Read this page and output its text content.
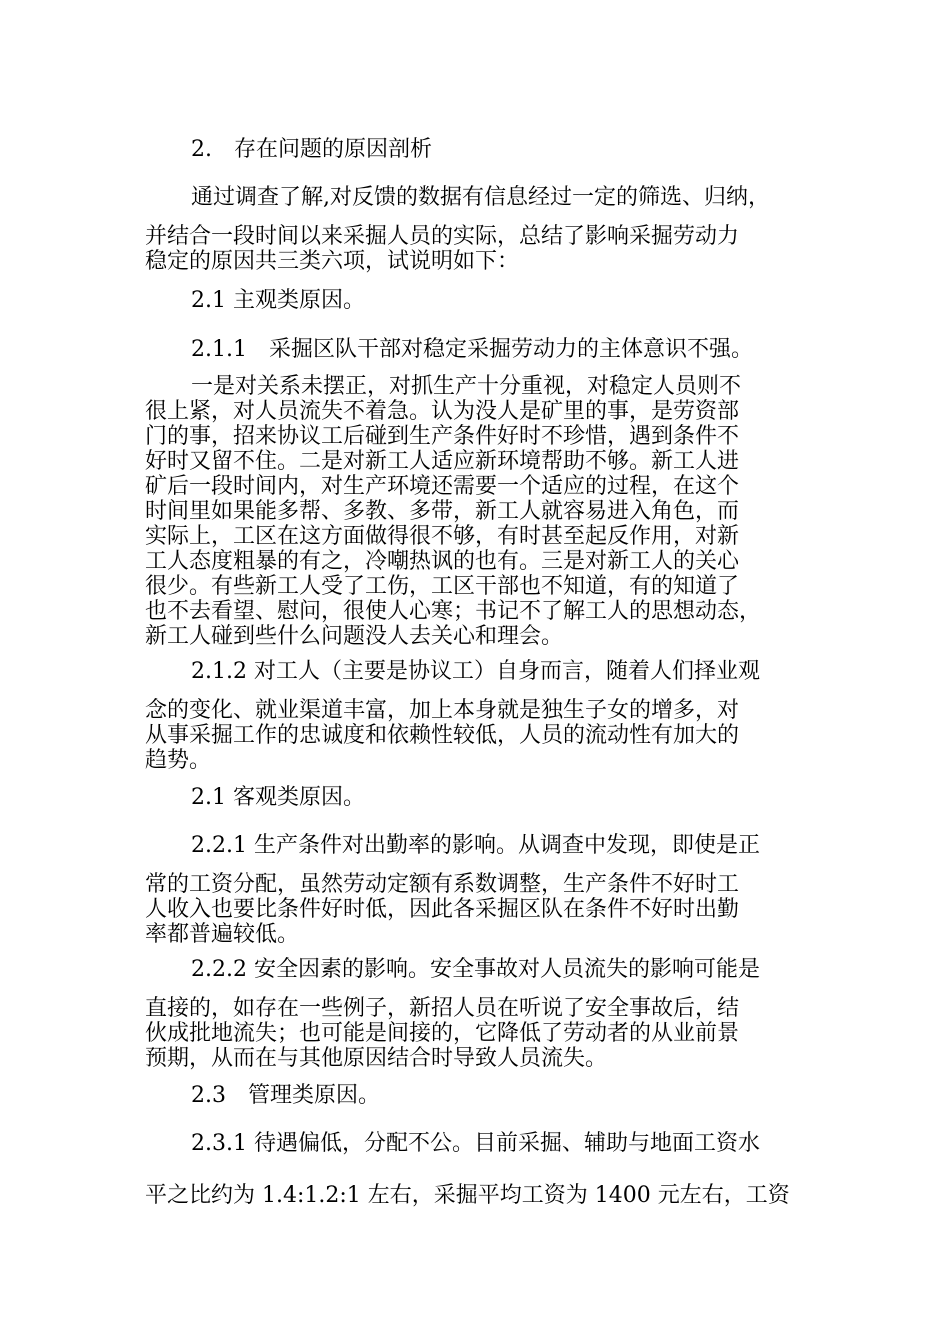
2.　存在问题的原因剖析
通过调查了解,对反馈的数据有信息经过一定的筛选、归纳，
并结合一段时间以来采掘人员的实际，总结了影响采掘劳动力
稳定的原因共三类六项，试说明如下：
2.1 主观类原因。
2.1.1　采掘区队干部对稳定采掘劳动力的主体意识不强。
一是对关系未摆正，对抓生产十分重视，对稳定人员则不
很上紧，对人员流失不着急。认为没人是矿里的事，是劳资部
门的事，招来协议工后碰到生产条件好时不珍惜，遇到条件不
好时又留不住。二是对新工人适应新环境帮助不够。新工人进
矿后一段时间内，对生产环境还需要一个适应的过程，在这个
时间里如果能多帮、多教、多带，新工人就容易进入角色，而
实际上，工区在这方面做得很不够，有时甚至起反作用，对新
工人态度粗暴的有之，冷嘲热讽的也有。三是对新工人的关心
很少。有些新工人受了工伤，工区干部也不知道，有的知道了
也不去看望、慰问，很使人心寒；书记不了解工人的思想动态，
新工人碰到些什么问题没人去关心和理会。
2.1.2 对工人（主要是协议工）自身而言，随着人们择业观
念的变化、就业渠道丰富，加上本身就是独生子女的增多，对
从事采掘工作的忠诚度和依赖性较低，人员的流动性有加大的
趋势。
2.1 客观类原因。
2.2.1 生产条件对出勤率的影响。从调查中发现，即使是正
常的工资分配，虽然劳动定额有系数调整，生产条件不好时工
人收入也要比条件好时低，因此各采掘区队在条件不好时出勤
率都普遍较低。
2.2.2 安全因素的影响。安全事故对人员流失的影响可能是
直接的，如存在一些例子，新招人员在听说了安全事故后，结
伙成批地流失；也可能是间接的，它降低了劳动者的从业前景
预期，从而在与其他原因结合时导致人员流失。
2.3　管理类原因。
2.3.1 待遇偏低，分配不公。目前采掘、辅助与地面工资水
平之比约为 1.4:1.2:1 左右，采掘平均工资为 1400 元左右，工资
